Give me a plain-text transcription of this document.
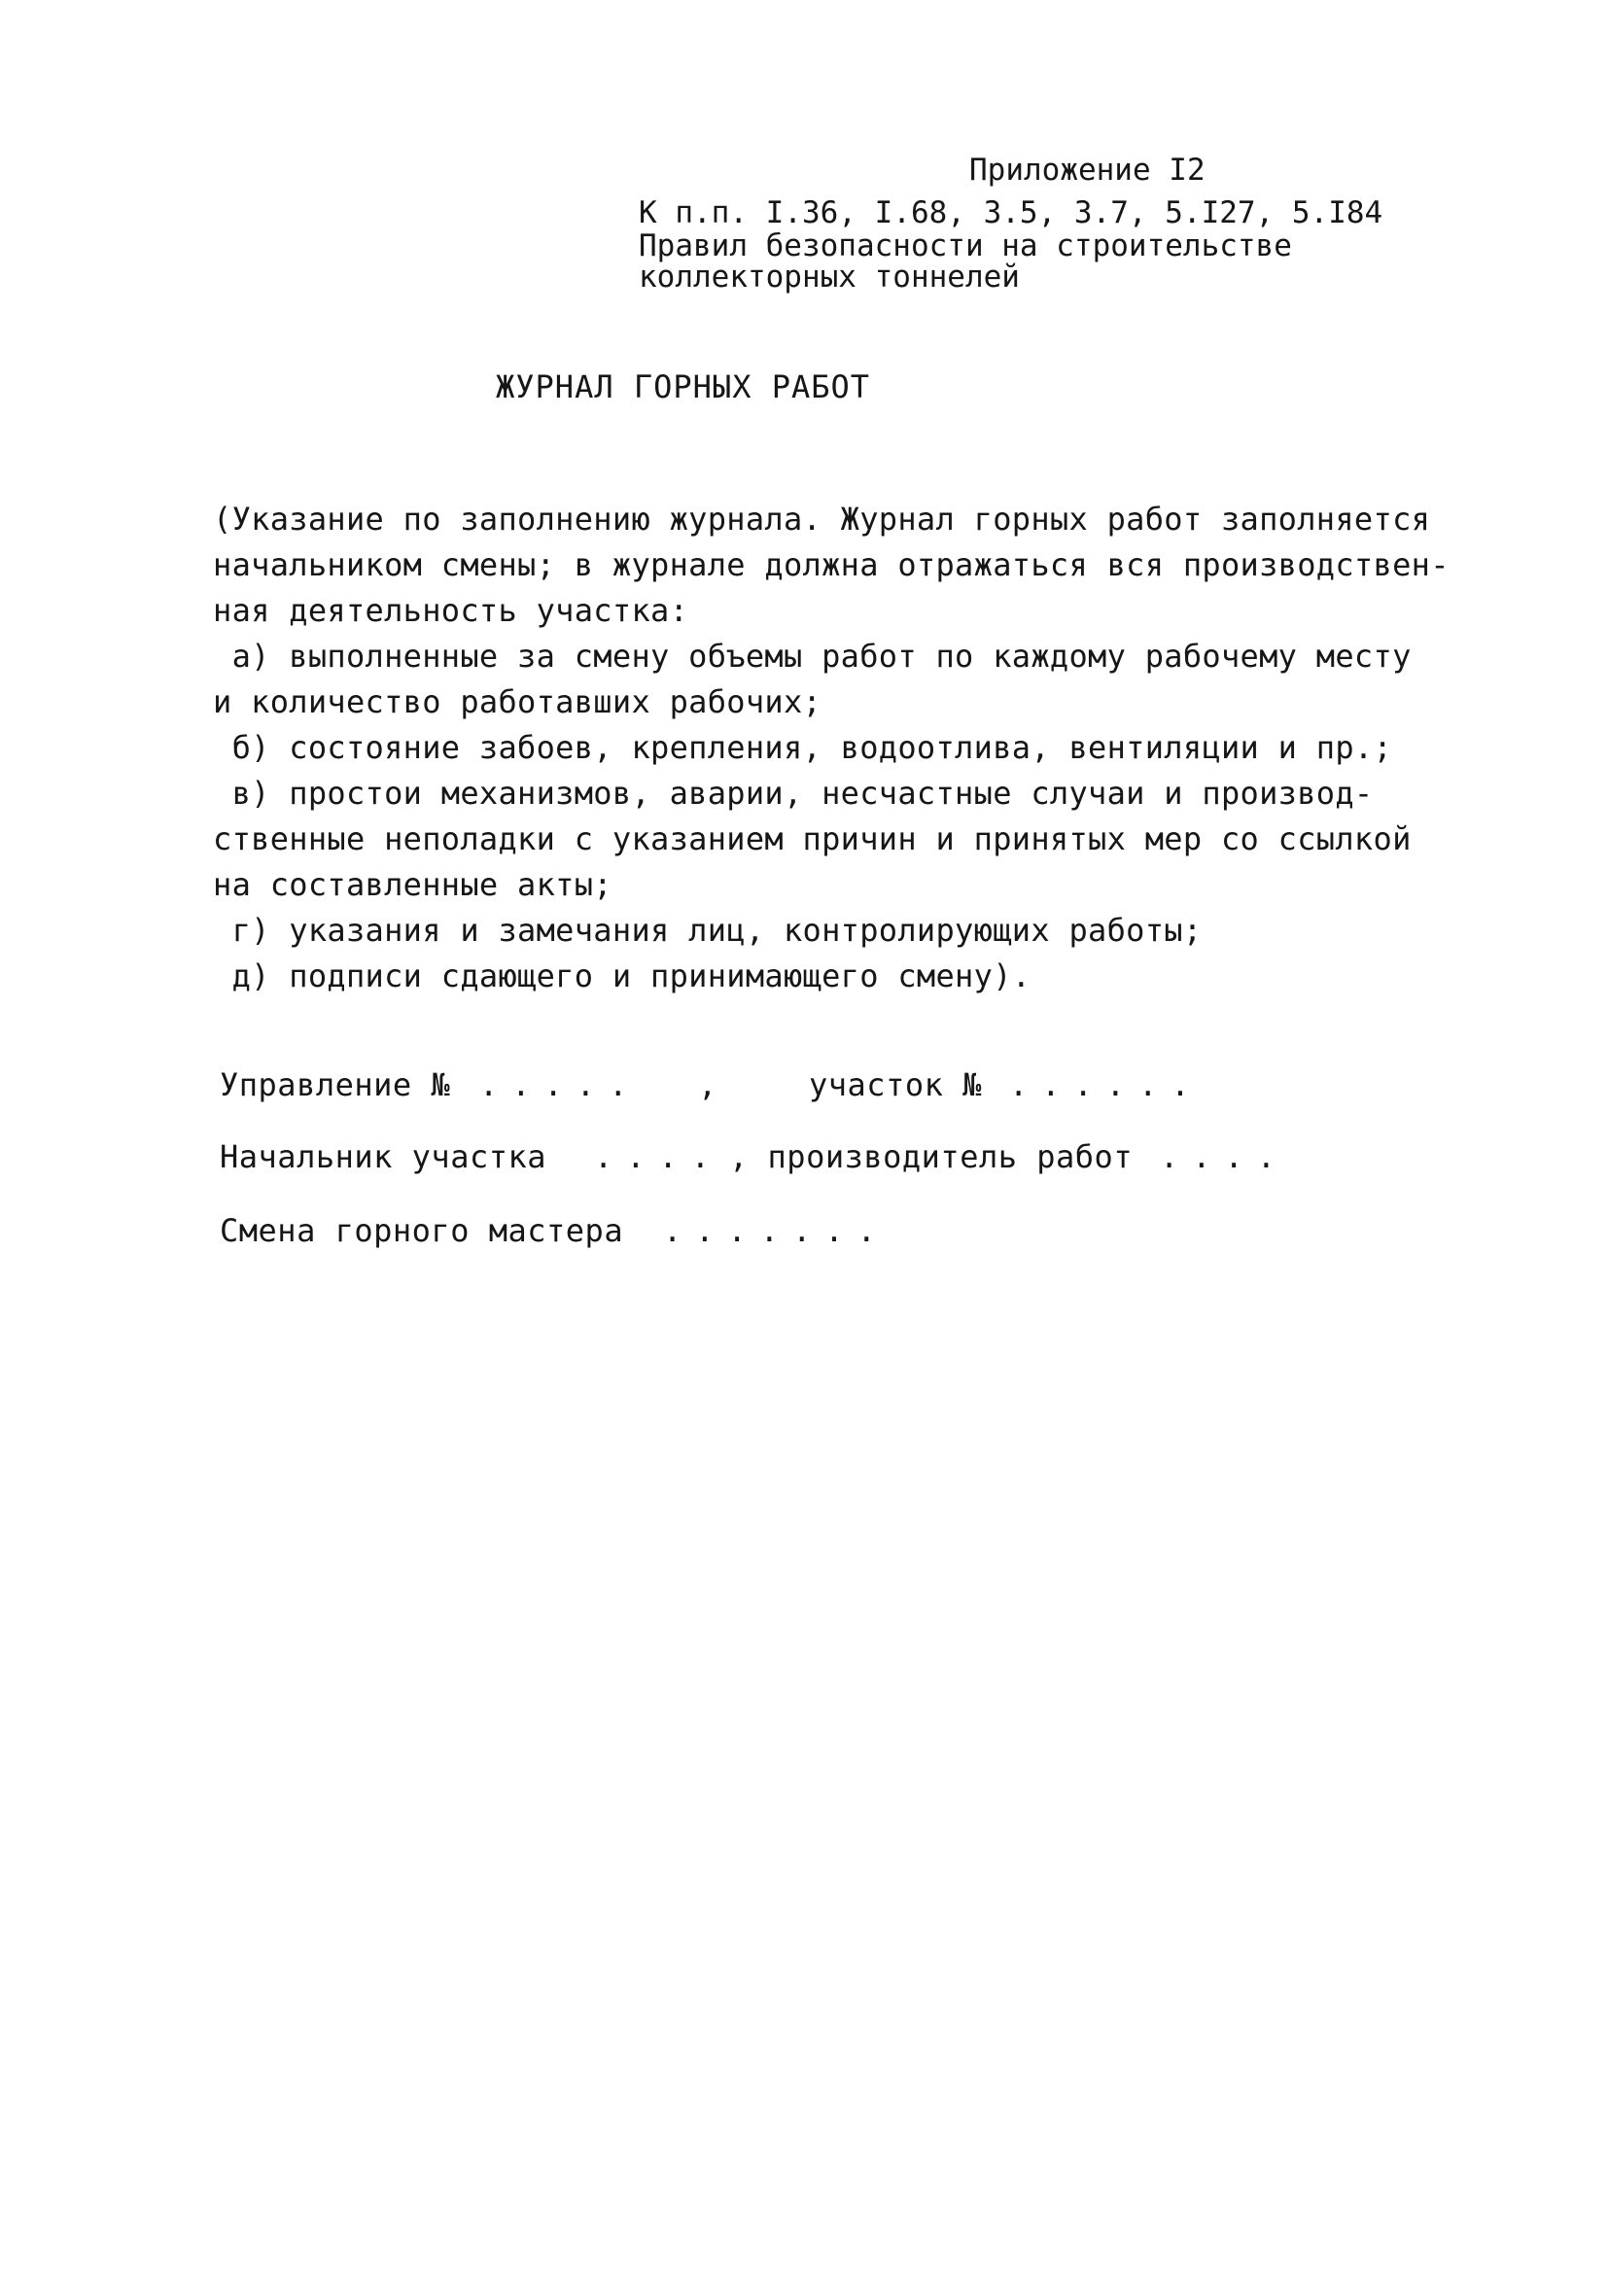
Приложение I2
К п.п. I.36, I.68, 3.5, 3.7, 5.I27, 5.I84
Правил безопасности на строительстве
коллекторных тоннелей
ЖУРНАЛ ГОРНЫХ РАБОТ
(Указание по заполнению журнала. Журнал горных работ заполняется
начальником смены; в журнале должна отражаться вся производствен-
ная деятельность участка:
а) выполненные за смену объемы работ по каждому рабочему месту
и количество работавших рабочих;
б) состояние забоев, крепления, водоотлива, вентиляции и пр.;
в) простои механизмов, аварии, несчастные случаи и производ-
ственные неполадки с указанием причин и принятых мер со ссылкой
на составленные акты;
г) указания и замечания лиц, контролирующих работы;
д) подписи сдающего и принимающего смену).
Управление № ..... ,	участок № ......
Начальник участка .... , производитель работ ....
Смена горного мастера .......
